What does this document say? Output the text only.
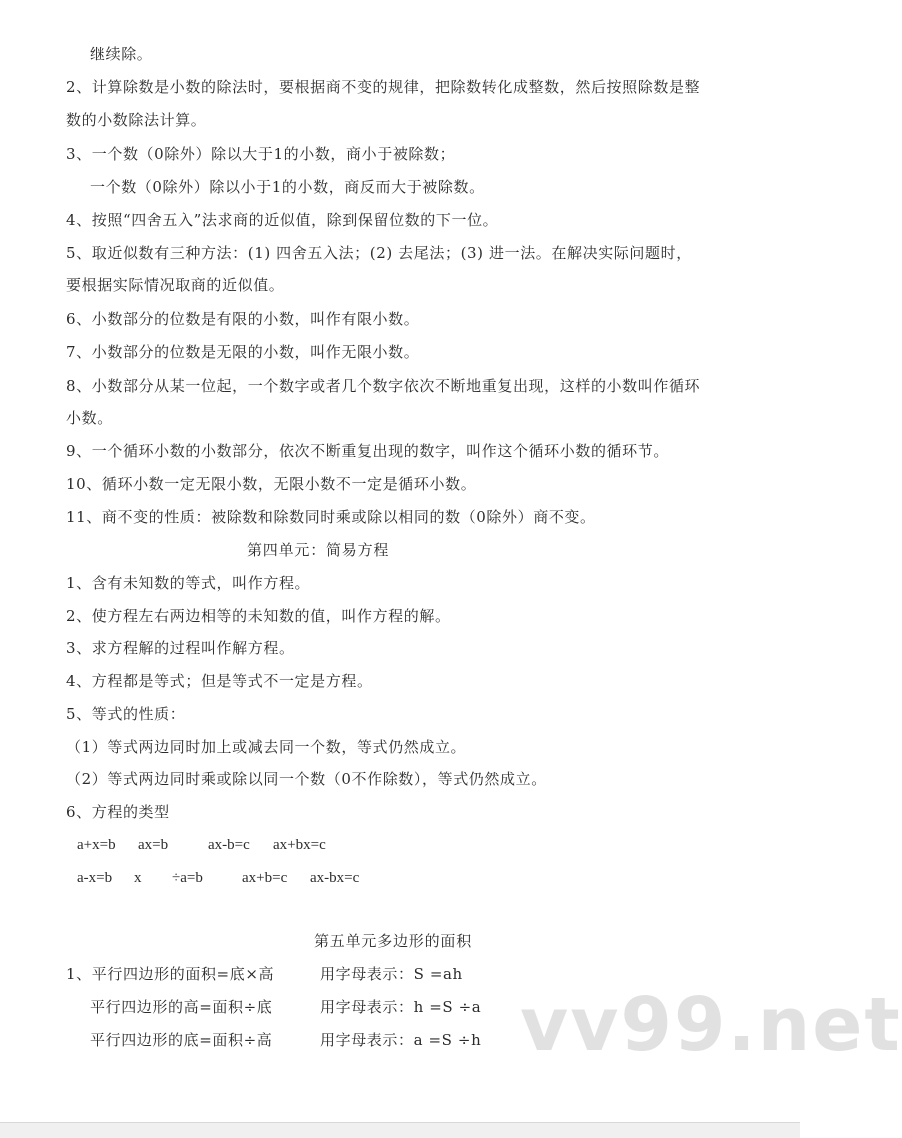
继续除。
2、计算除数是小数的除法时，要根据商不变的规律，把除数转化成整数，然后按照除数是整
数的小数除法计算。
3、一个数（0除外）除以大于1的小数，商小于被除数；
一个数（0除外）除以小于1的小数，商反而大于被除数。
4、按照“四舍五入”法求商的近似值，除到保留位数的下一位。
5、取近似数有三种方法：(1) 四舍五入法；(2) 去尾法；(3) 进一法。在解决实际问题时，
要根据实际情况取商的近似值。
6、小数部分的位数是有限的小数，叫作有限小数。
7、小数部分的位数是无限的小数，叫作无限小数。
8、小数部分从某一位起，一个数字或者几个数字依次不断地重复出现，这样的小数叫作循环
小数。
9、一个循环小数的小数部分，依次不断重复出现的数字，叫作这个循环小数的循环节。
10、循环小数一定无限小数，无限小数不一定是循环小数。
11、商不变的性质：被除数和除数同时乘或除以相同的数（0除外）商不变。
第四单元：简易方程
1、含有未知数的等式，叫作方程。
2、使方程左右两边相等的未知数的值，叫作方程的解。
3、求方程解的过程叫作解方程。
4、方程都是等式；但是等式不一定是方程。
5、等式的性质：
（1）等式两边同时加上或减去同一个数，等式仍然成立。
（2）等式两边同时乘或除以同一个数（0不作除数），等式仍然成立。
6、方程的类型
a+x=b ax=b	ax-b=c ax+bx=c
a-x=b x ÷a=b	ax+b=c ax-bx=c
第五单元多边形的面积
1、平行四边形的面积=底×高	用字母表示：S =ah
平行四边形的高=面积÷底	用字母表示：h =S ÷a
平行四边形的底=面积÷高	用字母表示：a =S ÷h vv99.net
